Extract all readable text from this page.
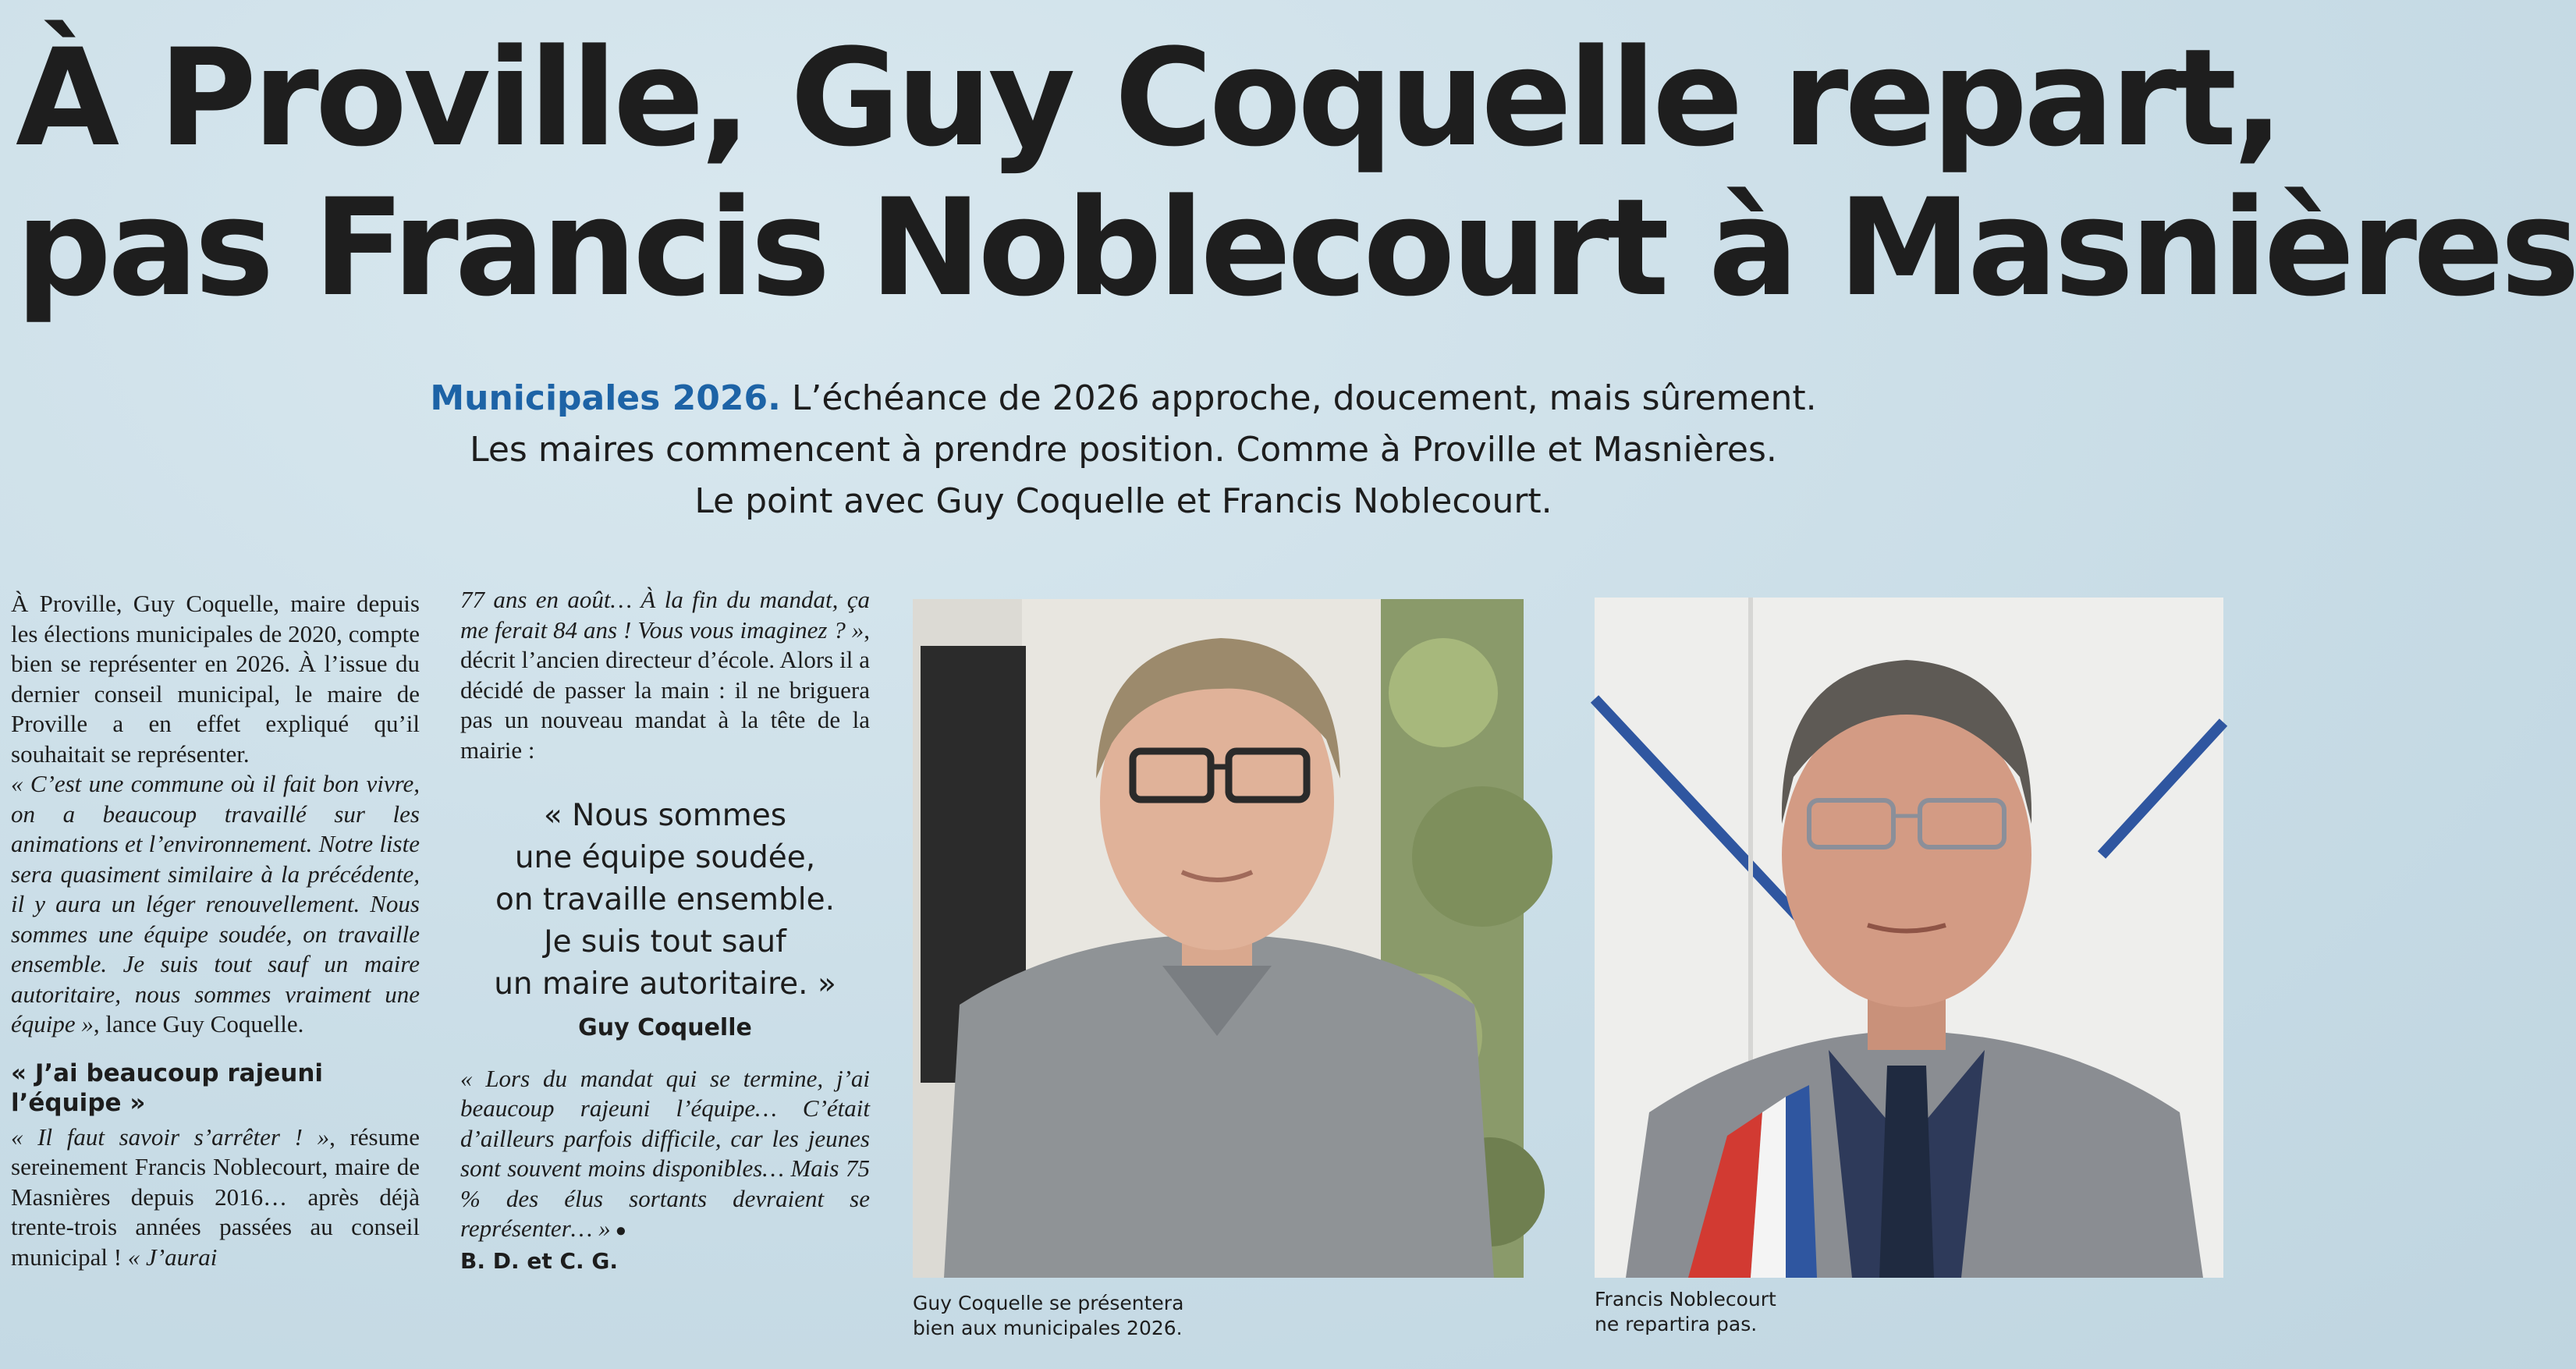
À Proville, Guy Coquelle repart,
pas Francis Noblecourt à Masnières
Municipales 2026. L’échéance de 2026 approche, doucement, mais sûrement.
Les maires commencent à prendre position. Comme à Proville et Masnières.
Le point avec Guy Coquelle et Francis Noblecourt.

À Proville, Guy Coquelle, maire depuis les élections municipales de 2020, compte bien se représenter en 2026. À l’issue du dernier conseil municipal, le maire de Proville a en effet expliqué qu’il souhaitait se représenter.

« C’est une commune où il fait bon vivre, on a beaucoup travaillé sur les animations et l’environnement. Notre liste sera quasiment similaire à la précédente, il y aura un léger renouvellement. Nous sommes une équipe soudée, on travaille ensemble. Je suis tout sauf un maire autoritaire, nous sommes vraiment une équipe », lance Guy Coquelle.

« J’ai beaucoup rajeuni l’équipe »

« Il faut savoir s’arrêter ! », résume sereinement Francis Noblecourt, maire de Masnières depuis 2016… après déjà trente-trois années passées au conseil municipal ! « J’aurai

77 ans en août… À la fin du mandat, ça me ferait 84 ans ! Vous vous imaginez ? », décrit l’ancien directeur d’école. Alors il a décidé de passer la main : il ne briguera pas un nouveau mandat à la tête de la mairie :

« Nous sommes
une équipe soudée,
on travaille ensemble.
Je suis tout sauf
un maire autoritaire. »

Guy Coquelle

« Lors du mandat qui se termine, j’ai beaucoup rajeuni l’équipe… C’était d’ailleurs parfois difficile, car les jeunes sont souvent moins disponibles… Mais 75 % des élus sortants devraient se représenter… » ●

B. D. et C. G.

Guy Coquelle se présentera
bien aux municipales 2026.
Francis Noblecourt
ne repartira pas.
